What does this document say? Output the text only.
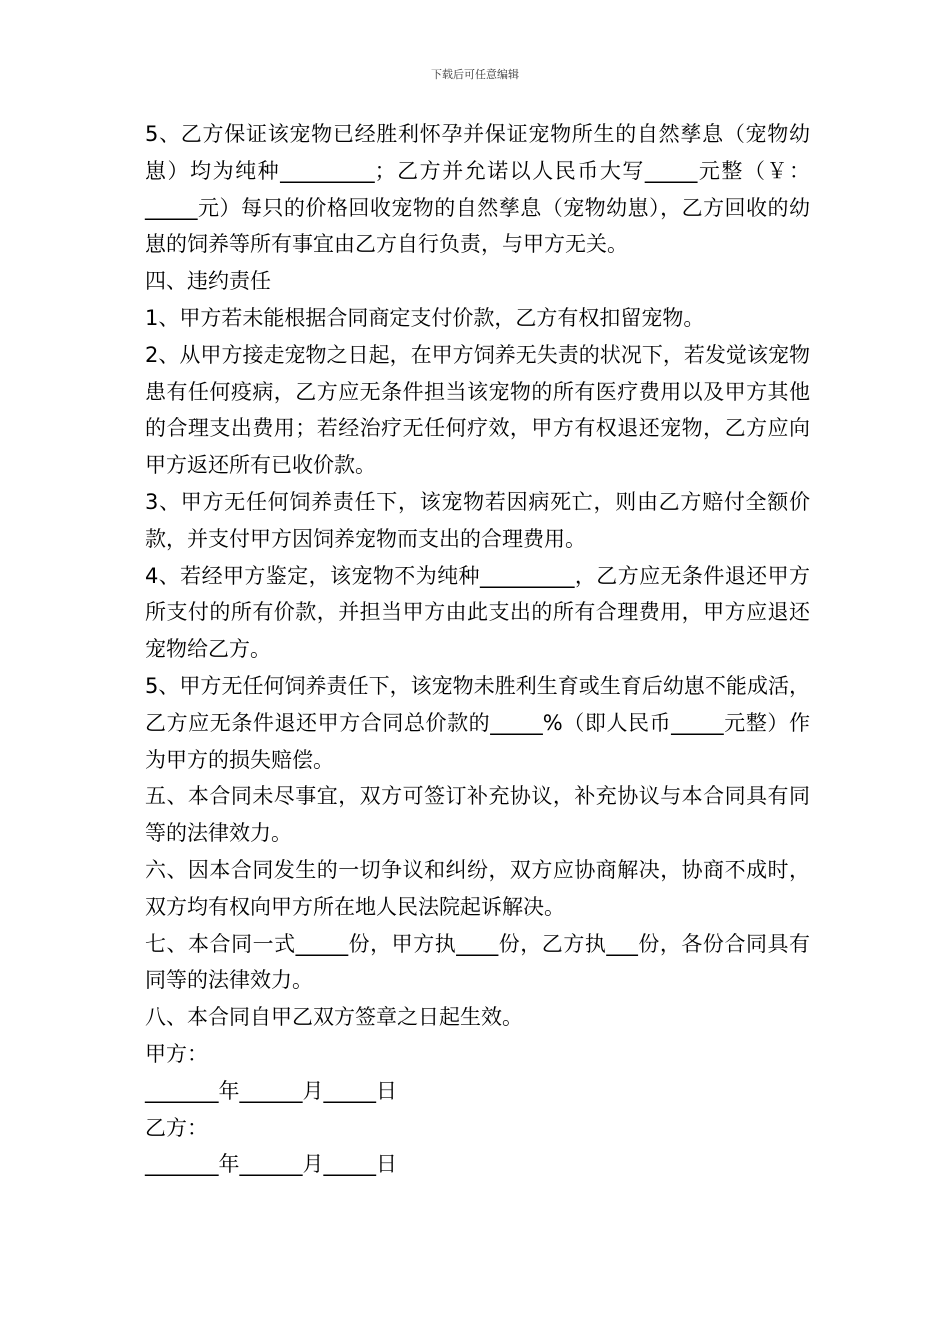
下载后可任意编辑

5、乙方保证该宠物已经胜利怀孕并保证宠物所生的自然孳息（宠物幼崽）均为纯种_________；乙方并允诺以人民币大写_____元整（￥：_____元）每只的价格回收宠物的自然孳息（宠物幼崽），乙方回收的幼崽的饲养等所有事宜由乙方自行负责，与甲方无关。

四、违约责任

1、甲方若未能根据合同商定支付价款，乙方有权扣留宠物。

2、从甲方接走宠物之日起，在甲方饲养无失责的状况下，若发觉该宠物患有任何疫病，乙方应无条件担当该宠物的所有医疗费用以及甲方其他的合理支出费用；若经治疗无任何疗效，甲方有权退还宠物，乙方应向甲方返还所有已收价款。

3、甲方无任何饲养责任下，该宠物若因病死亡，则由乙方赔付全额价款，并支付甲方因饲养宠物而支出的合理费用。

4、若经甲方鉴定，该宠物不为纯种_________，乙方应无条件退还甲方所支付的所有价款，并担当甲方由此支出的所有合理费用，甲方应退还宠物给乙方。

5、甲方无任何饲养责任下，该宠物未胜利生育或生育后幼崽不能成活，乙方应无条件退还甲方合同总价款的_____%（即人民币_____元整）作为甲方的损失赔偿。

五、本合同未尽事宜，双方可签订补充协议，补充协议与本合同具有同等的法律效力。

六、因本合同发生的一切争议和纠纷，双方应协商解决，协商不成时，双方均有权向甲方所在地人民法院起诉解决。

七、本合同一式_____份，甲方执____份，乙方执___份，各份合同具有同等的法律效力。

八、本合同自甲乙双方签章之日起生效。

甲方：

_______年______月_____日

乙方：

_______年______月_____日
